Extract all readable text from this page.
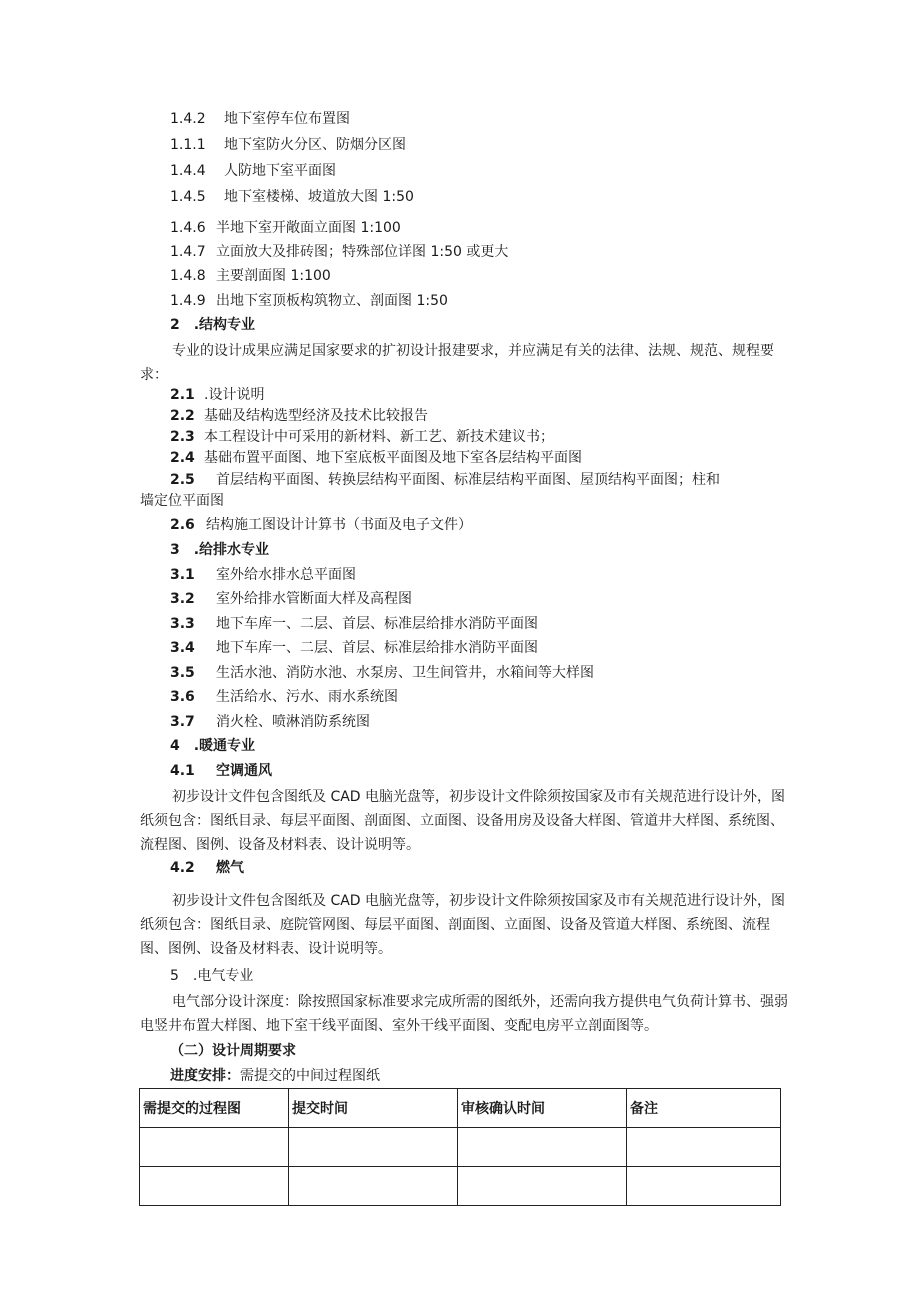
1.4.2 地下室停车位布置图
1.1.1 地下室防火分区、防烟分区图
1.4.4 人防地下室平面图
1.4.5 地下室楼梯、坡道放大图 1:50
1.4.6 半地下室开敞面立面图 1:100
1.4.7 立面放大及排砖图；特殊部位详图 1:50 或更大
1.4.8 主要剖面图 1:100
1.4.9 出地下室顶板构筑物立、剖面图 1:50
2　.结构专业
专业的设计成果应满足国家要求的扩初设计报建要求，并应满足有关的法律、法规、规范、规程要求：
2.1 .设计说明
2.2 基础及结构选型经济及技术比较报告
2.3 本工程设计中可采用的新材料、新工艺、新技术建议书；
2.4 基础布置平面图、地下室底板平面图及地下室各层结构平面图
2.5 首层结构平面图、转换层结构平面图、标准层结构平面图、屋顶结构平面图；柱和
墙定位平面图
2.6 结构施工图设计计算书（书面及电子文件）
3　.给排水专业
3.1 室外给水排水总平面图
3.2 室外给排水管断面大样及高程图
3.3 地下车库一、二层、首层、标准层给排水消防平面图
3.4 地下车库一、二层、首层、标准层给排水消防平面图
3.5 生活水池、消防水池、水泵房、卫生间管井，水箱间等大样图
3.6 生活给水、污水、雨水系统图
3.7 消火栓、喷淋消防系统图
4　.暖通专业
4.1 空调通风
初步设计文件包含图纸及 CAD 电脑光盘等，初步设计文件除须按国家及市有关规范进行设计外，图纸须包含：图纸目录、每层平面图、剖面图、立面图、设备用房及设备大样图、管道井大样图、系统图、流程图、图例、设备及材料表、设计说明等。
4.2 燃气
初步设计文件包含图纸及 CAD 电脑光盘等，初步设计文件除须按国家及市有关规范进行设计外，图纸须包含：图纸目录、庭院管网图、每层平面图、剖面图、立面图、设备及管道大样图、系统图、流程图、图例、设备及材料表、设计说明等。
5　.电气专业
电气部分设计深度：除按照国家标准要求完成所需的图纸外，还需向我方提供电气负荷计算书、强弱电竖井布置大样图、地下室干线平面图、室外干线平面图、变配电房平立剖面图等。
（二）设计周期要求
进度安排：需提交的中间过程图纸
需提交的过程图	提交时间	审核确认时间	备注
